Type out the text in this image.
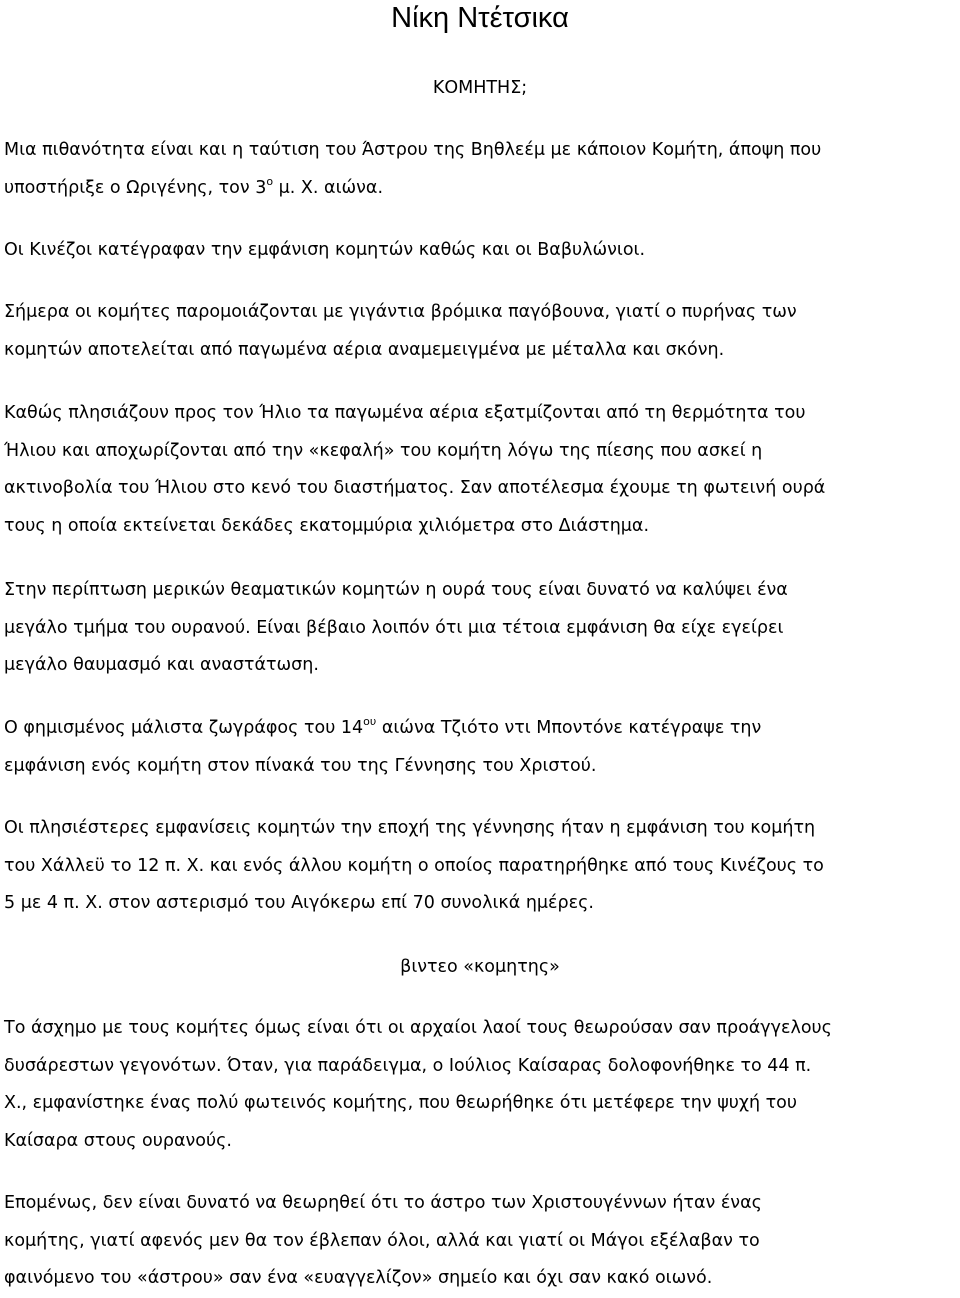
Νίκη Ντέτσικα
ΚΟΜΗΤΗΣ;
Μια πιθανότητα είναι και η ταύτιση του Άστρου της Βηθλεέμ με κάποιον Κομήτη, άποψη που
υποστήριξε ο Ωριγένης, τον $3^o$ μ. Χ. αιώνα.
Οι Κινέζοι κατέγραφαν την εμφάνιση κομητών καθώς και οι Βαβυλώνιοι.
Σήμερα οι κομήτες παρομοιάζονται με γιγάντια βρόμικα παγόβουνα, γιατί ο πυρήνας των
κομητών αποτελείται από παγωμένα αέρια αναμεμειγμένα με μέταλλα και σκόνη.
Καθώς πλησιάζουν προς τον Ήλιο τα παγωμένα αέρια εξατμίζονται από τη θερμότητα του
Ήλιου και αποχωρίζονται από την «κεφαλή» του κομήτη λόγω της πίεσης που ασκεί η
ακτινοβολία του Ήλιου στο κενό του διαστήματος. Σαν αποτέλεσμα έχουμε τη φωτεινή ουρά
τους η οποία εκτείνεται δεκάδες εκατομμύρια χιλιόμετρα στο Διάστημα.
Στην περίπτωση μερικών θεαματικών κομητών η ουρά τους είναι δυνατό να καλύψει ένα
μεγάλο τμήμα του ουρανού. Είναι βέβαιο λοιπόν ότι μια τέτοια εμφάνιση θα είχε εγείρει
μεγάλο θαυμασμό και αναστάτωση.
Ο φημισμένος μάλιστα ζωγράφος του $14^{o\upsilon}$ αιώνα Τζιότο ντι Μποντόνε κατέγραψε την
εμφάνιση ενός κομήτη στον πίνακά του της Γέννησης του Χριστού.
Οι πλησιέστερες εμφανίσεις κομητών την εποχή της γέννησης ήταν η εμφάνιση του κομήτη
του Χάλλεϋ το 12 π. Χ. και ενός άλλου κομήτη ο οποίος παρατηρήθηκε από τους Κινέζους το
5 με 4 π. Χ. στον αστερισμό του Αιγόκερω επί 70 συνολικά ημέρες.
βιντεο «κομητης»
Το άσχημο με τους κομήτες όμως είναι ότι οι αρχαίοι λαοί τους θεωρούσαν σαν προάγγελους
δυσάρεστων γεγονότων. Όταν, για παράδειγμα, ο Ιούλιος Καίσαρας δολοφονήθηκε το 44 π.
Χ., εμφανίστηκε ένας πολύ φωτεινός κομήτης, που θεωρήθηκε ότι μετέφερε την ψυχή του
Καίσαρα στους ουρανούς.
Επομένως, δεν είναι δυνατό να θεωρηθεί ότι το άστρο των Χριστουγέννων ήταν ένας
κομήτης, γιατί αφενός μεν θα τον έβλεπαν όλοι, αλλά και γιατί οι Μάγοι εξέλαβαν το
φαινόμενο του «άστρου» σαν ένα «ευαγγελίζον» σημείο και όχι σαν κακό οιωνό.
